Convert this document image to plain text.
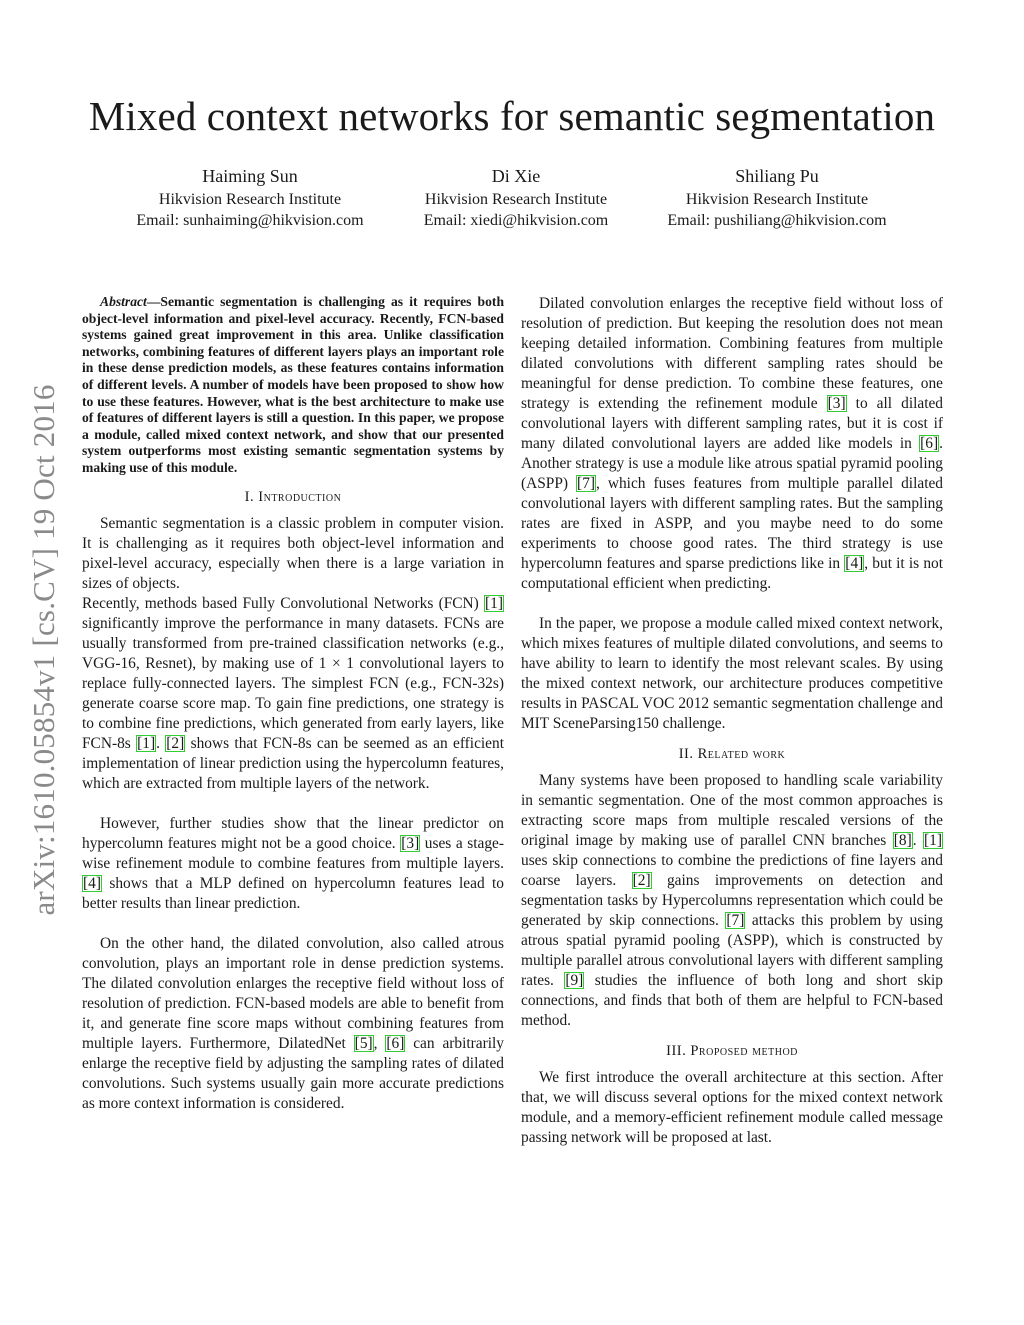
arXiv:1610.05854v1 [cs.CV] 19 Oct 2016
Mixed context networks for semantic segmentation
Haiming Sun
Hikvision Research Institute
Email: sunhaiming@hikvision.com
Di Xie
Hikvision Research Institute
Email: xiedi@hikvision.com
Shiliang Pu
Hikvision Research Institute
Email: pushiliang@hikvision.com

Abstract—Semantic segmentation is challenging as it requires both object-level information and pixel-level accuracy. Recently, FCN-based systems gained great improvement in this area. Unlike classification networks, combining features of different layers plays an important role in these dense prediction models, as these features contains information of different levels. A number of models have been proposed to show how to use these features. However, what is the best architecture to make use of features of different layers is still a question. In this paper, we propose a module, called mixed context network, and show that our presented system outperforms most existing semantic segmentation systems by making use of this module.

I. Introduction

Semantic segmentation is a classic problem in computer vision. It is challenging as it requires both object-level information and pixel-level accuracy, especially when there is a large variation in sizes of objects.

Recently, methods based Fully Convolutional Networks (FCN) [ 1 ] significantly improve the performance in many datasets. FCNs are usually transformed from pre-trained classification networks (e.g., VGG-16, Resnet), by making use of 1 × 1 convolutional layers to replace fully-connected layers. The simplest FCN (e.g., FCN-32s) generate coarse score map. To gain fine predictions, one strategy is to combine fine predictions, which generated from early layers, like FCN-8s [ 1 ] . [ 2 ] shows that FCN-8s can be seemed as an efficient implementation of linear prediction using the hypercolumn features, which are extracted from multiple layers of the network.

However, further studies show that the linear predictor on hypercolumn features might not be a good choice. [ 3 ] uses a stage-wise refinement module to combine features from multiple layers. [ 4 ] shows that a MLP defined on hypercolumn features lead to better results than linear prediction.

On the other hand, the dilated convolution, also called atrous convolution, plays an important role in dense prediction systems. The dilated convolution enlarges the receptive field without loss of resolution of prediction. FCN-based models are able to benefit from it, and generate fine score maps without combining features from multiple layers. Furthermore, DilatedNet [ 5 ] , [ 6 ] can arbitrarily enlarge the receptive field by adjusting the sampling rates of dilated convolutions. Such systems usually gain more accurate predictions as more context information is considered.

Dilated convolution enlarges the receptive field without loss of resolution of prediction. But keeping the resolution does not mean keeping detailed information. Combining features from multiple dilated convolutions with different sampling rates should be meaningful for dense prediction. To combine these features, one strategy is extending the refinement module [ 3 ] to all dilated convolutional layers with different sampling rates, but it is cost if many dilated convolutional layers are added like models in [ 6 ] . Another strategy is use a module like atrous spatial pyramid pooling (ASPP) [ 7 ] , which fuses features from multiple parallel dilated convolutional layers with different sampling rates. But the sampling rates are fixed in ASPP, and you maybe need to do some experiments to choose good rates. The third strategy is use hypercolumn features and sparse predictions like in [ 4 ] , but it is not computational efficient when predicting.

In the paper, we propose a module called mixed context network, which mixes features of multiple dilated convolutions, and seems to have ability to learn to identify the most relevant scales. By using the mixed context network, our architecture produces competitive results in PASCAL VOC 2012 semantic segmentation challenge and MIT SceneParsing150 challenge.

II. Related work

Many systems have been proposed to handling scale variability in semantic segmentation. One of the most common approaches is extracting score maps from multiple rescaled versions of the original image by making use of parallel CNN branches [ 8 ] . [ 1 ] uses skip connections to combine the predictions of fine layers and coarse layers. [ 2 ] gains improvements on detection and segmentation tasks by Hypercolumns representation which could be generated by skip connections. [ 7 ] attacks this problem by using atrous spatial pyramid pooling (ASPP), which is constructed by multiple parallel atrous convolutional layers with different sampling rates. [ 9 ] studies the influence of both long and short skip connections, and finds that both of them are helpful to FCN-based method.

III. Proposed method

We first introduce the overall architecture at this section. After that, we will discuss several options for the mixed context network module, and a memory-efficient refinement module called message passing network will be proposed at last.
